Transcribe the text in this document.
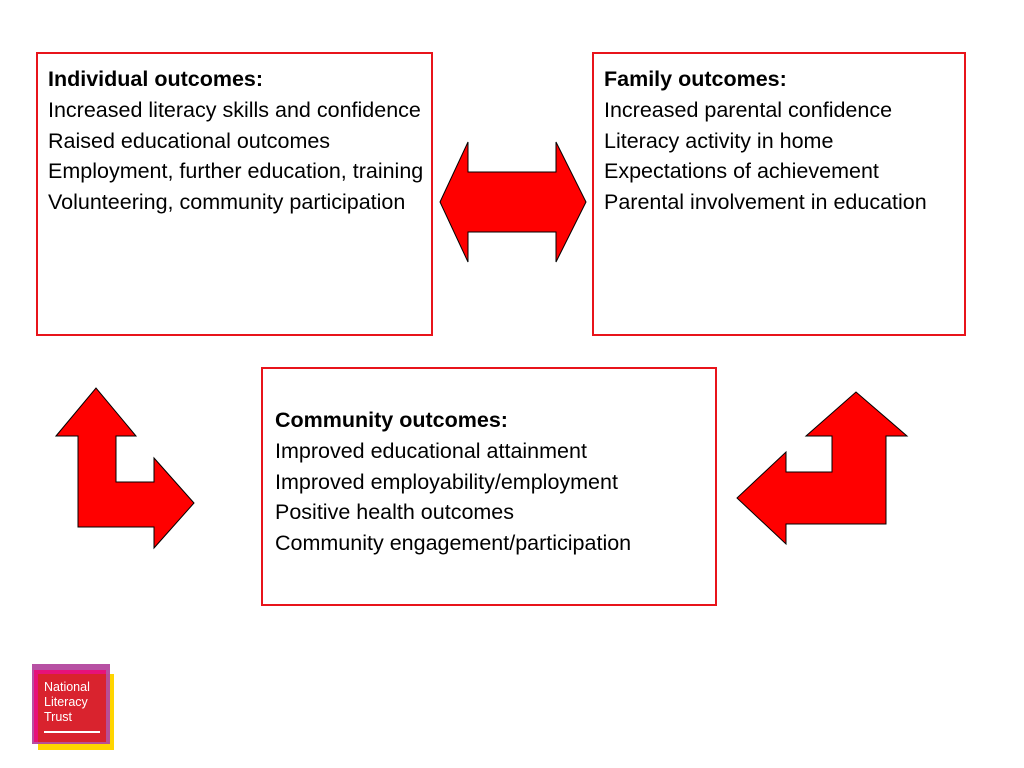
Individual outcomes:
Increased literacy skills and confidence
Raised educational outcomes
Employment, further education, training
Volunteering, community participation
Family outcomes:
Increased parental confidence
Literacy activity in home
Expectations of achievement
Parental involvement in education
Community outcomes:
Improved educational attainment
Improved employability/employment
Positive health outcomes
Community engagement/participation
National
Literacy
Trust
